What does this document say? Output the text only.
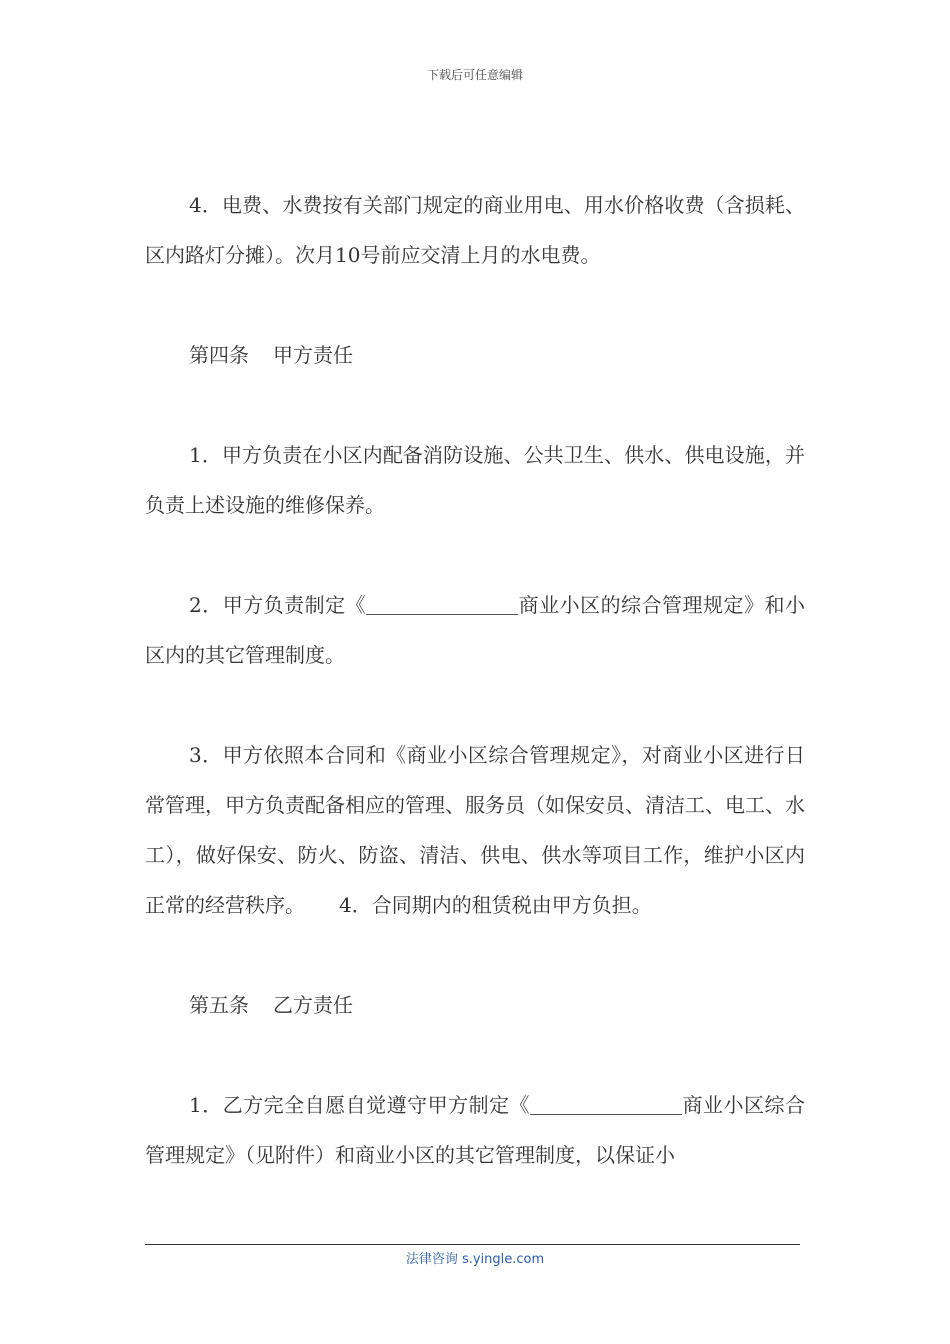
下载后可任意编辑

4．电费、水费按有关部门规定的商业用电、用水价格收费（含损耗、区内路灯分摊）。次月10号前应交清上月的水电费。

第四条 甲方责任

1．甲方负责在小区内配备消防设施、公共卫生、供水、供电设施，并负责上述设施的维修保养。

2．甲方负责制定《	商业小区的综合管理规定》和小区内的其它管理制度。

3．甲方依照本合同和《商业小区综合管理规定》，对商业小区进行日常管理，甲方负责配备相应的管理、服务员（如保安员、清洁工、电工、水工），做好保安、防火、防盗、清洁、供电、供水等项目工作，维护小区内正常的经营秩序。 4．合同期内的租赁税由甲方负担。

第五条 乙方责任

1．乙方完全自愿自觉遵守甲方制定《	商业小区综合管理规定》（见附件）和商业小区的其它管理制度，以保证小

法律咨询 s.yingle.com
